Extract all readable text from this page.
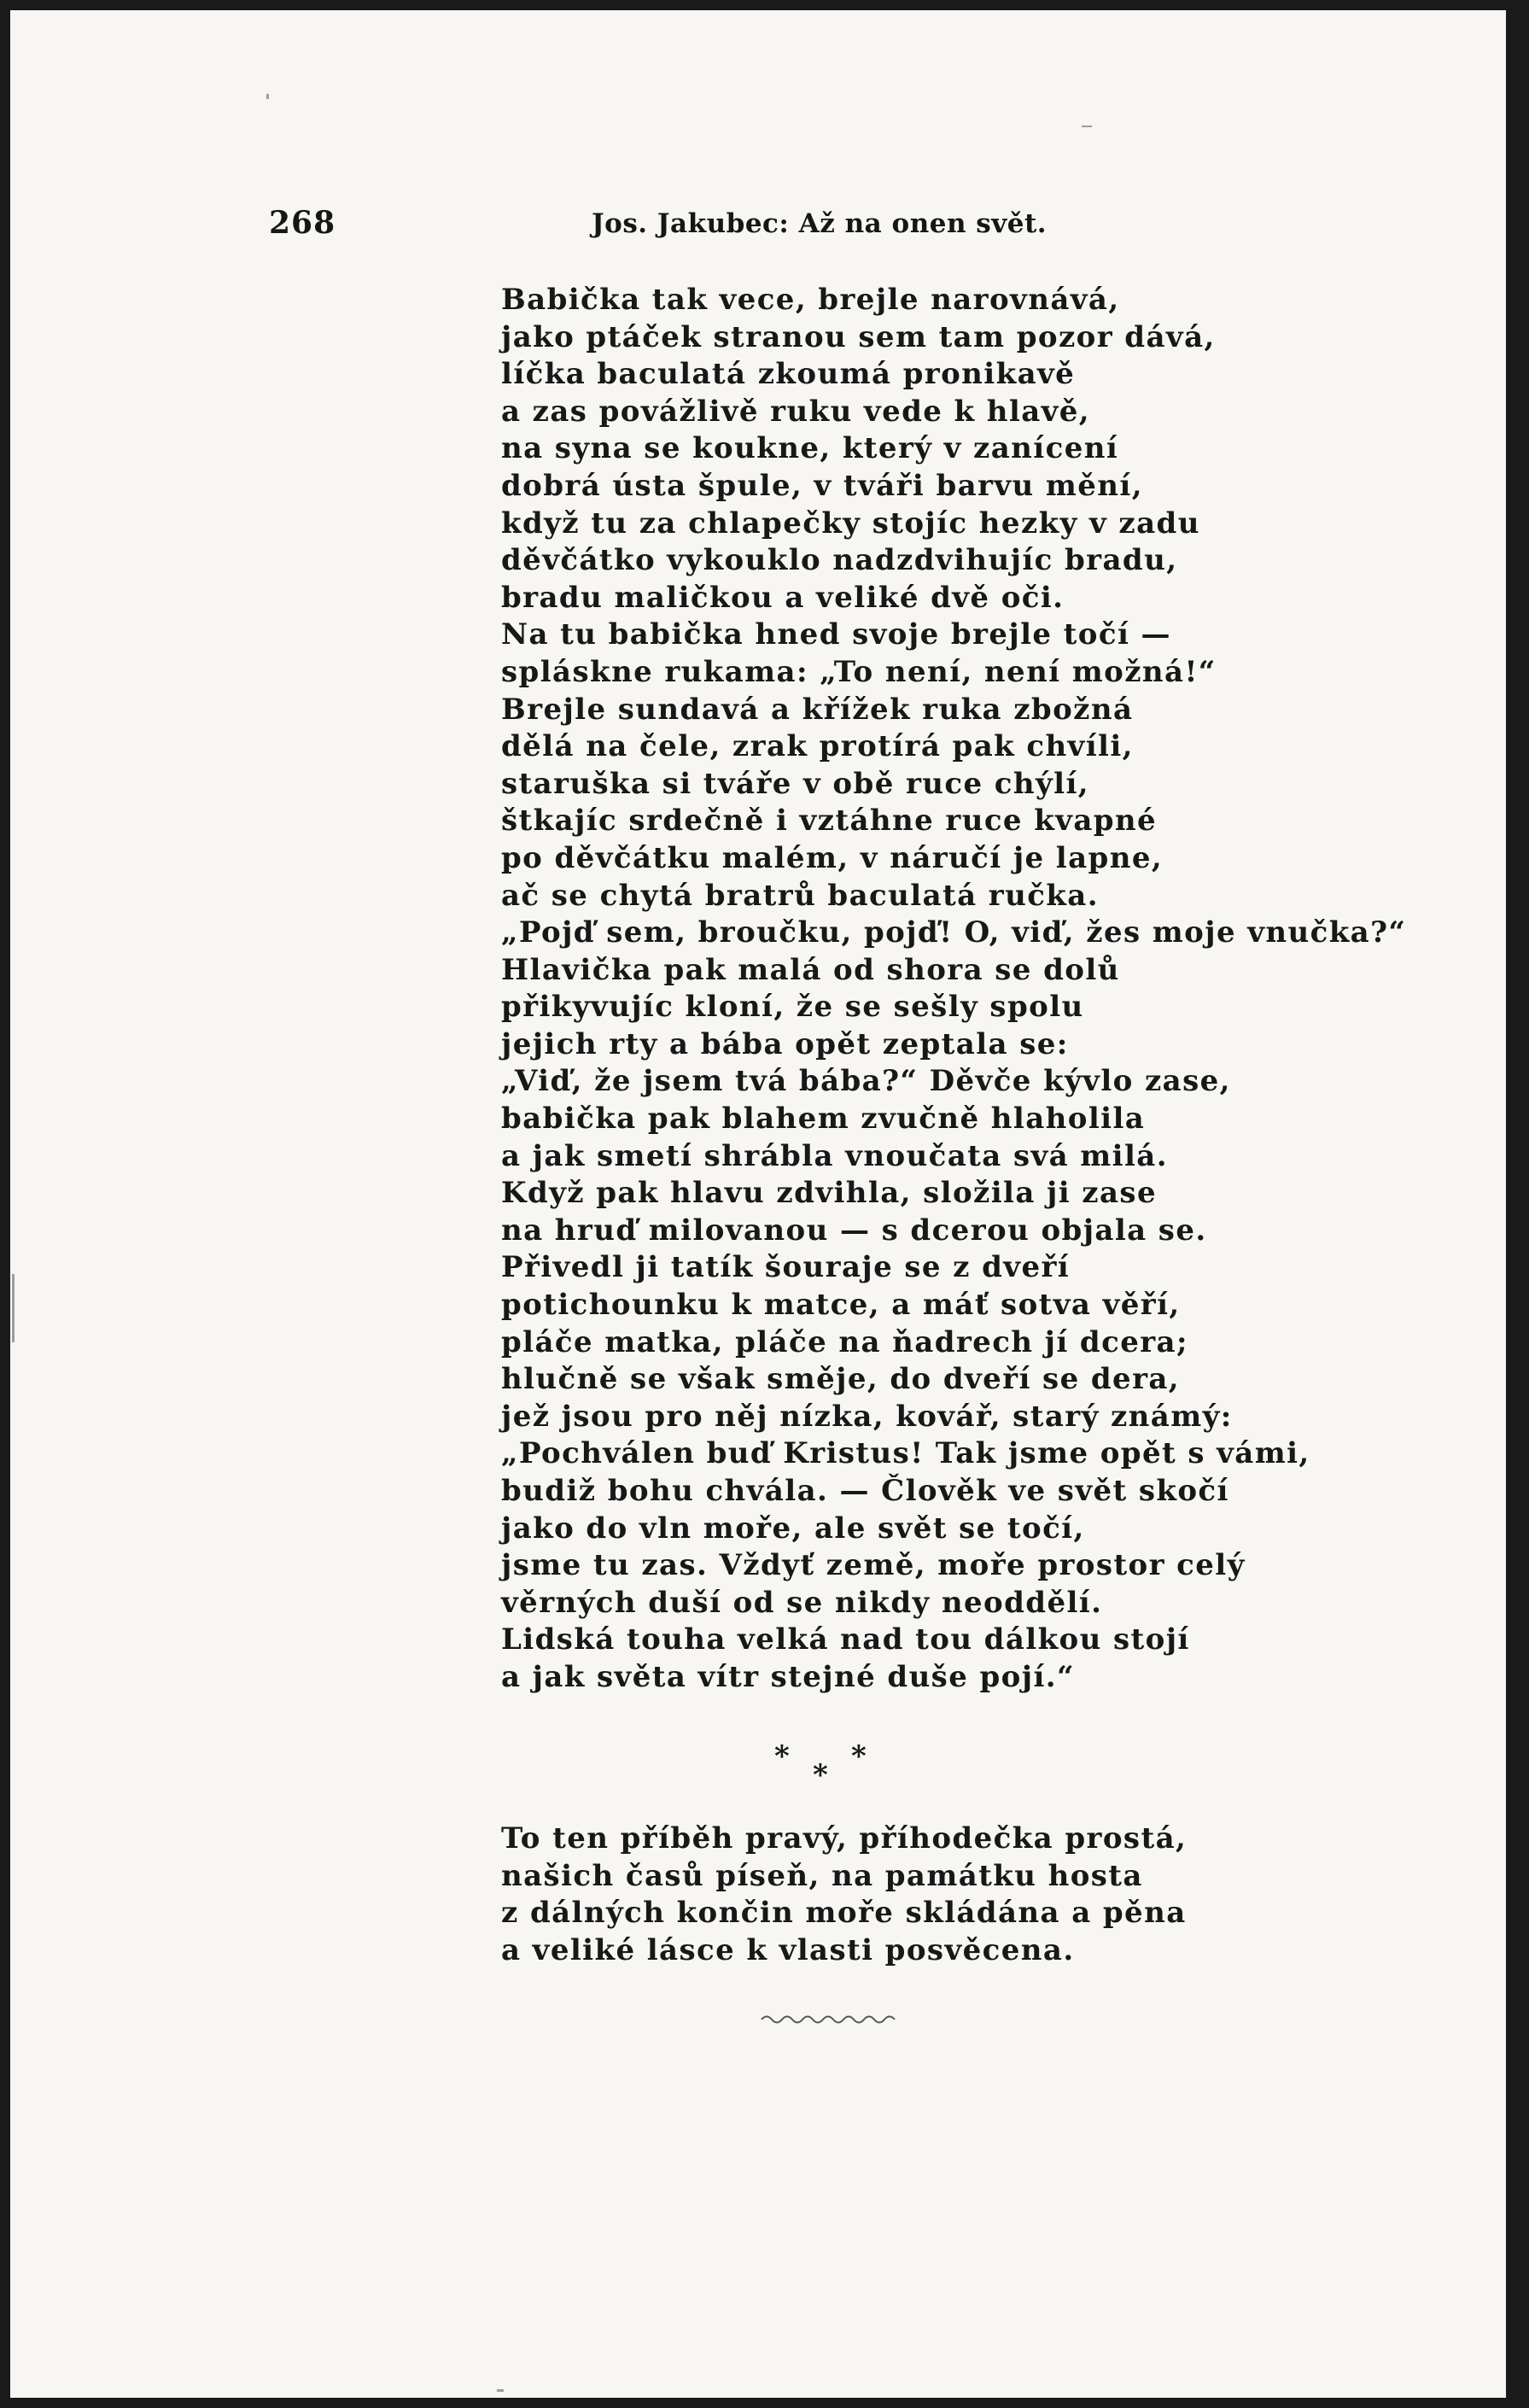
268	Jos. Jakubec: Až na onen svět.
Babička tak vece, brejle narovnává,
jako ptáček stranou sem tam pozor dává,
líčka baculatá zkoumá pronikavě
a zas povážlivě ruku vede k hlavě,
na syna se koukne, který v zanícení
dobrá ústa špule, v tváři barvu mění,
když tu za chlapečky stojíc hezky v zadu
děvčátko vykouklo nadzdvihujíc bradu,
bradu maličkou a veliké dvě oči.
Na tu babička hned svoje brejle točí —
spláskne rukama: „To není, není možná!“
Brejle sundavá a křížek ruka zbožná
dělá na čele, zrak protírá pak chvíli,
staruška si tváře v obě ruce chýlí,
štkajíc srdečně i vztáhne ruce kvapné
po děvčátku malém, v náručí je lapne,
ač se chytá bratrů baculatá ručka.
„Pojď sem, broučku, pojď! O, viď, žes moje vnučka?“
Hlavička pak malá od shora se dolů
přikyvujíc kloní, že se sešly spolu
jejich rty a bába opět zeptala se:
„Viď, že jsem tvá bába?“ Děvče kývlo zase,
babička pak blahem zvučně hlaholila
a jak smetí shrábla vnoučata svá milá.
Když pak hlavu zdvihla, složila ji zase
na hruď milovanou — s dcerou objala se.
Přivedl ji tatík šouraje se z dveří
potichounku k matce, a máť sotva věří,
pláče matka, pláče na ňadrech jí dcera;
hlučně se však směje, do dveří se dera,
jež jsou pro něj nízka, kovář, starý známý:
„Pochválen buď Kristus! Tak jsme opět s vámi,
budiž bohu chvála. — Člověk ve svět skočí
jako do vln moře, ale svět se točí,
jsme tu zas. Vždyť země, moře prostor celý
věrných duší od se nikdy neoddělí.
Lidská touha velká nad tou dálkou stojí
a jak světa vítr stejné duše pojí.“
*
*
*
To ten příběh pravý, příhodečka prostá,
našich časů píseň, na památku hosta
z dálných končin moře skládána a pěna
a veliké lásce k vlasti posvěcena.
